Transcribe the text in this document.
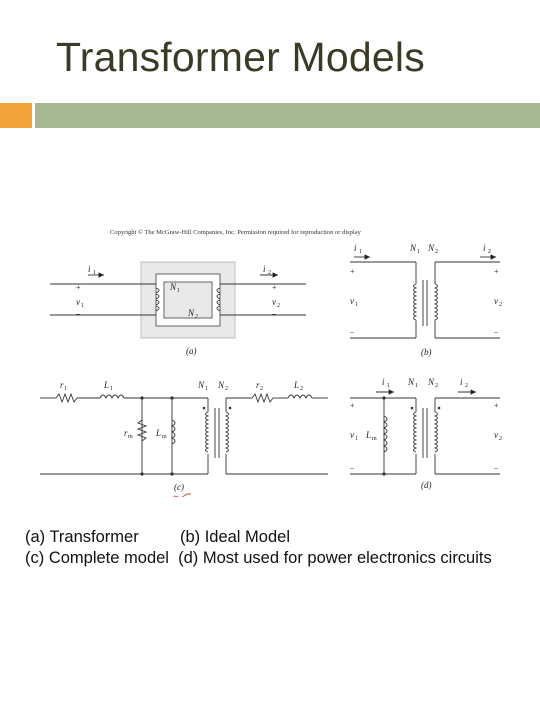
Transformer Models
Copyright © The McGraw-Hill Companies, Inc. Permission required for reproduction or display
i 1	i 2
+
v 1
–
+
v 2
–
N 1
N 2
(a)
i 1	i 2
N 1 N 2
+
v 1
–
+
v 2
–
(b)
r 1	L 1	N 1 N 2	r 2	L 2
r m	L m
(c)
i 1	i 2
N 1 N 2
+
v 1
–
L m
+
v 2
–
(d)
(a) Transformer         (b) Ideal Model
(c) Complete model  (d) Most used for power electronics circuits
